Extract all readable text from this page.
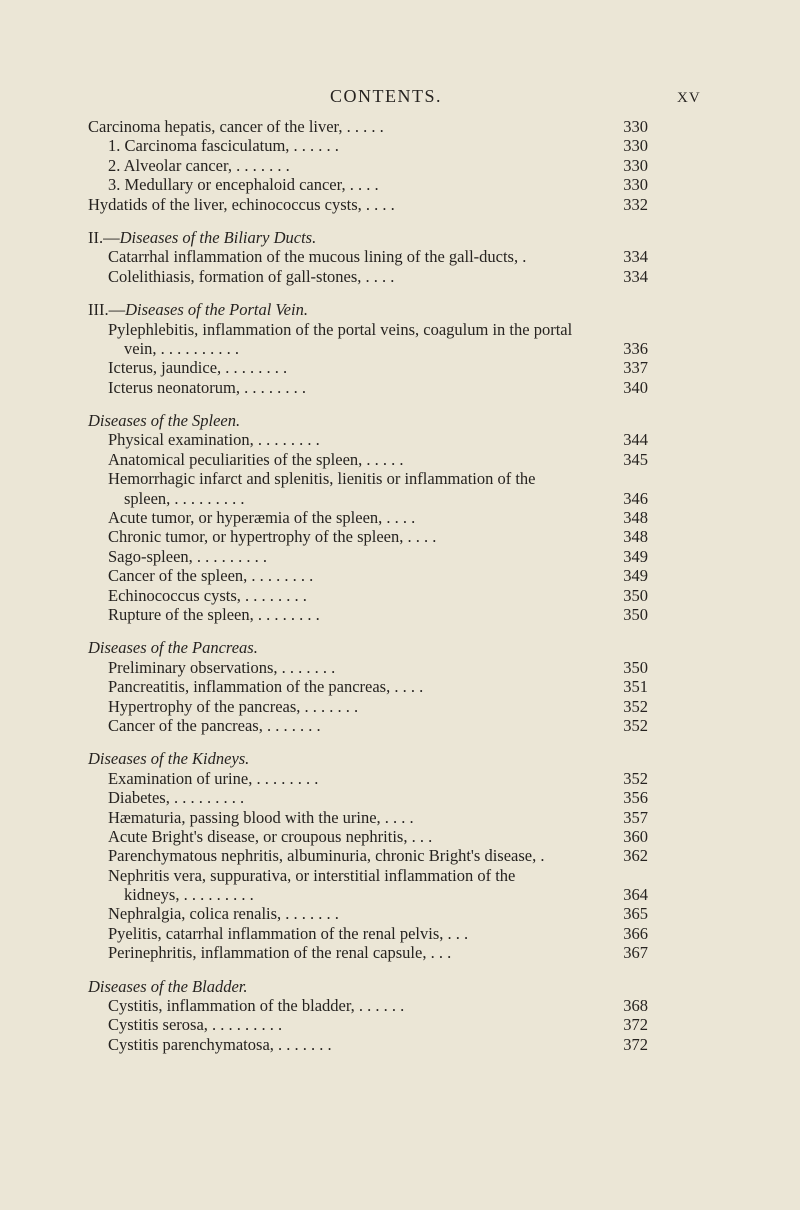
CONTENTS.	XV
Carcinoma hepatis, cancer of the liver, . . . . .	330
1. Carcinoma fasciculatum, . . . . . .	330
2. Alveolar cancer, . . . . . . .	330
3. Medullary or encephaloid cancer, . . . .	330
Hydatids of the liver, echinococcus cysts, . . . .	332
II.—Diseases of the Biliary Ducts.
Catarrhal inflammation of the mucous lining of the gall-ducts, .	334
Colelithiasis, formation of gall-stones, . . . .	334
III.—Diseases of the Portal Vein.
Pylephlebitis, inflammation of the portal veins, coagulum in the portal
vein, . . . . . . . . . .	336
Icterus, jaundice, . . . . . . . .	337
Icterus neonatorum, . . . . . . . .	340
Diseases of the Spleen.
Physical examination, . . . . . . . .	344
Anatomical peculiarities of the spleen, . . . . .	345
Hemorrhagic infarct and splenitis, lienitis or inflammation of the
spleen, . . . . . . . . .	346
Acute tumor, or hyperæmia of the spleen, . . . .	348
Chronic tumor, or hypertrophy of the spleen, . . . .	348
Sago-spleen, . . . . . . . . .	349
Cancer of the spleen, . . . . . . . .	349
Echinococcus cysts, . . . . . . . .	350
Rupture of the spleen, . . . . . . . .	350
Diseases of the Pancreas.
Preliminary observations, . . . . . . .	350
Pancreatitis, inflammation of the pancreas, . . . .	351
Hypertrophy of the pancreas, . . . . . . .	352
Cancer of the pancreas, . . . . . . .	352
Diseases of the Kidneys.
Examination of urine, . . . . . . . .	352
Diabetes, . . . . . . . . .	356
Hæmaturia, passing blood with the urine, . . . .	357
Acute Bright's disease, or croupous nephritis, . . .	360
Parenchymatous nephritis, albuminuria, chronic Bright's disease, .	362
Nephritis vera, suppurativa, or interstitial inflammation of the
kidneys, . . . . . . . . .	364
Nephralgia, colica renalis, . . . . . . .	365
Pyelitis, catarrhal inflammation of the renal pelvis, . . .	366
Perinephritis, inflammation of the renal capsule, . . .	367
Diseases of the Bladder.
Cystitis, inflammation of the bladder, . . . . . .	368
Cystitis serosa, . . . . . . . . .	372
Cystitis parenchymatosa, . . . . . . .	372
